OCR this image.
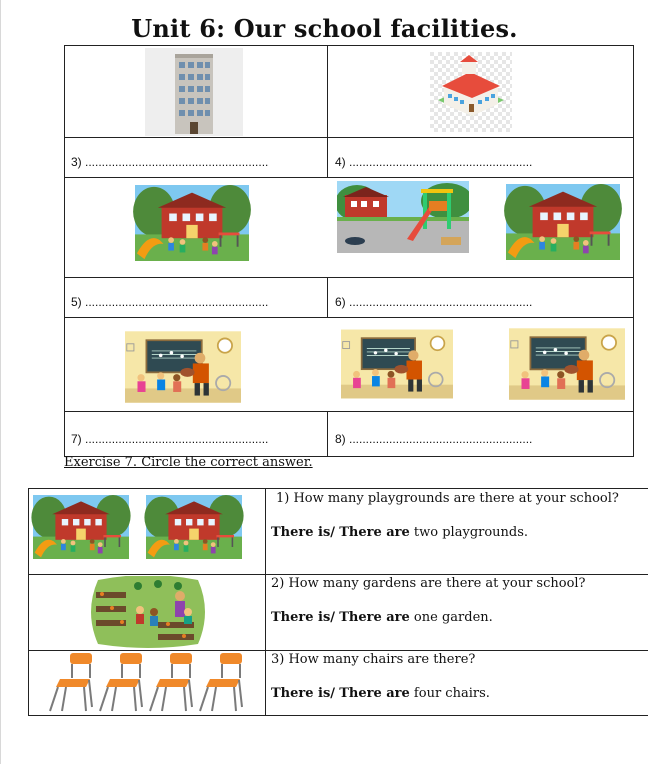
Unit 6: Our school facilities.
3) .......................................................	4) .......................................................
5) .......................................................	6) .......................................................
7) .......................................................	8) .......................................................
Exercise 7. Circle the correct answer.
1) How many playgrounds are there at your school?
There is/ There are two playgrounds.
2) How many gardens are there at your school?
There is/ There are one garden.
3) How many chairs are there?
There is/ There are four chairs.
